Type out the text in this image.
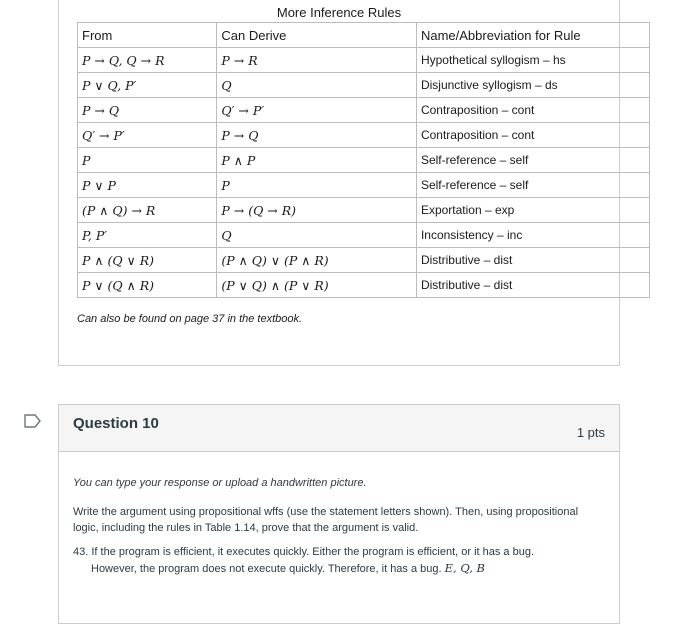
More Inference Rules
From	Can Derive	Name/Abbreviation for Rule
P → Q, Q → R	P → R	Hypothetical syllogism – hs
P ∨ Q, P′	Q	Disjunctive syllogism – ds
P → Q	Q′ → P′	Contraposition – cont
Q′ → P′	P → Q	Contraposition – cont
P	P ∧ P	Self-reference – self
P ∨ P	P	Self-reference – self
(P ∧ Q) → R	P → (Q → R)	Exportation – exp
P, P′	Q	Inconsistency – inc
P ∧ (Q ∨ R)	(P ∧ Q) ∨ (P ∧ R)	Distributive – dist
P ∨ (Q ∧ R)	(P ∨ Q) ∧ (P ∨ R)	Distributive – dist
Can also be found on page 37 in the textbook.
Question 10
1 pts

You can type your response or upload a handwritten picture.

Write the argument using propositional wffs (use the statement letters shown). Then, using propositional logic, including the rules in Table 1.14, prove that the argument is valid.

43. If the program is efficient, it executes quickly. Either the program is efficient, or it has a bug.
However, the program does not execute quickly. Therefore, it has a bug. E, Q, B
